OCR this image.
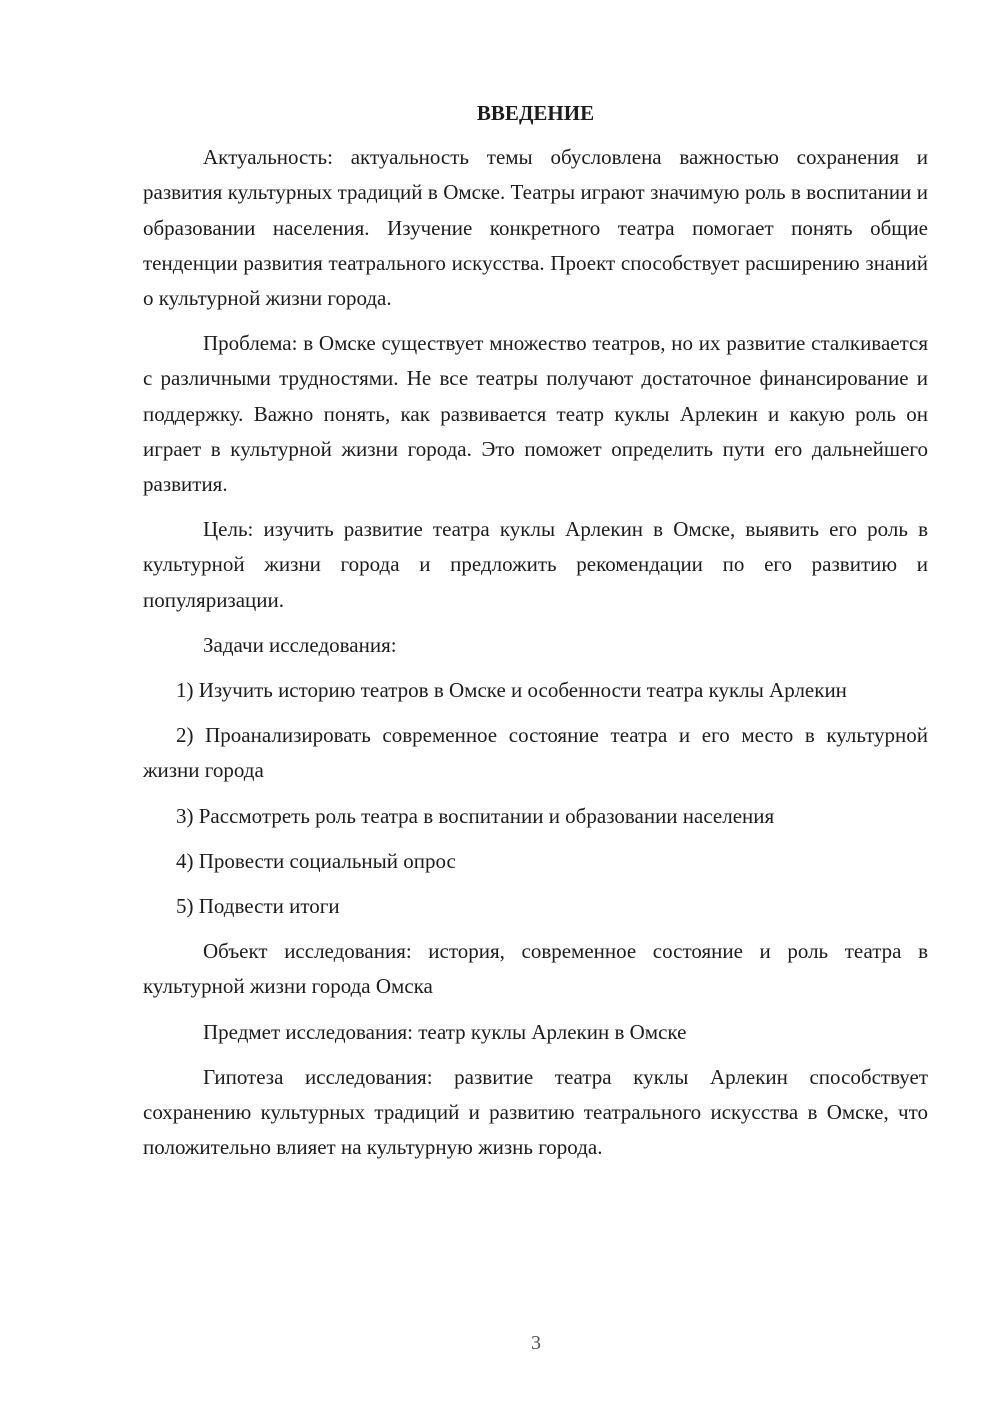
ВВЕДЕНИЕ
Актуальность: актуальность темы обусловлена важностью сохранения и развития культурных традиций в Омске. Театры играют значимую роль в воспитании и образовании населения. Изучение конкретного театра помогает понять общие тенденции развития театрального искусства. Проект способствует расширению знаний о культурной жизни города.
Проблема: в Омске существует множество театров, но их развитие сталкивается с различными трудностями. Не все театры получают достаточное финансирование и поддержку. Важно понять, как развивается театр куклы Арлекин и какую роль он играет в культурной жизни города. Это поможет определить пути его дальнейшего развития.
Цель: изучить развитие театра куклы Арлекин в Омске, выявить его роль в культурной жизни города и предложить рекомендации по его развитию и популяризации.
Задачи исследования:
1) Изучить историю театров в Омске и особенности театра куклы Арлекин
2) Проанализировать современное состояние театра и его место в культурной жизни города
3) Рассмотреть роль театра в воспитании и образовании населения
4) Провести социальный опрос
5) Подвести итоги
Объект исследования: история, современное состояние и роль театра в культурной жизни города Омска
Предмет исследования: театр куклы Арлекин в Омске
Гипотеза исследования: развитие театра куклы Арлекин способствует сохранению культурных традиций и развитию театрального искусства в Омске, что положительно влияет на культурную жизнь города.
3
